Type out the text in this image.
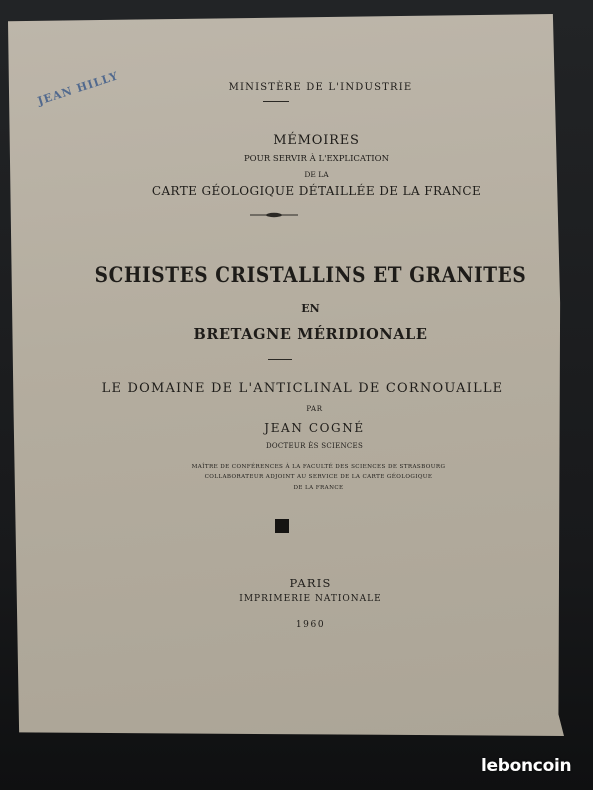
JEAN HILLY	MINISTÈRE DE L'INDUSTRIE
MÉMOIRES
POUR SERVIR À L'EXPLICATION
DE LA
CARTE GÉOLOGIQUE DÉTAILLÉE DE LA FRANCE
SCHISTES CRISTALLINS ET GRANITES
EN
BRETAGNE MÉRIDIONALE
LE DOMAINE DE L'ANTICLINAL DE CORNOUAILLE
PAR
JEAN COGNÉ
DOCTEUR ÈS SCIENCES
MAÎTRE DE CONFÉRENCES À LA FACULTÉ DES SCIENCES DE STRASBOURG
COLLABORATEUR ADJOINT AU SERVICE DE LA CARTE GÉOLOGIQUE
DE LA FRANCE
PARIS
IMPRIMERIE NATIONALE
1960
leboncoin
